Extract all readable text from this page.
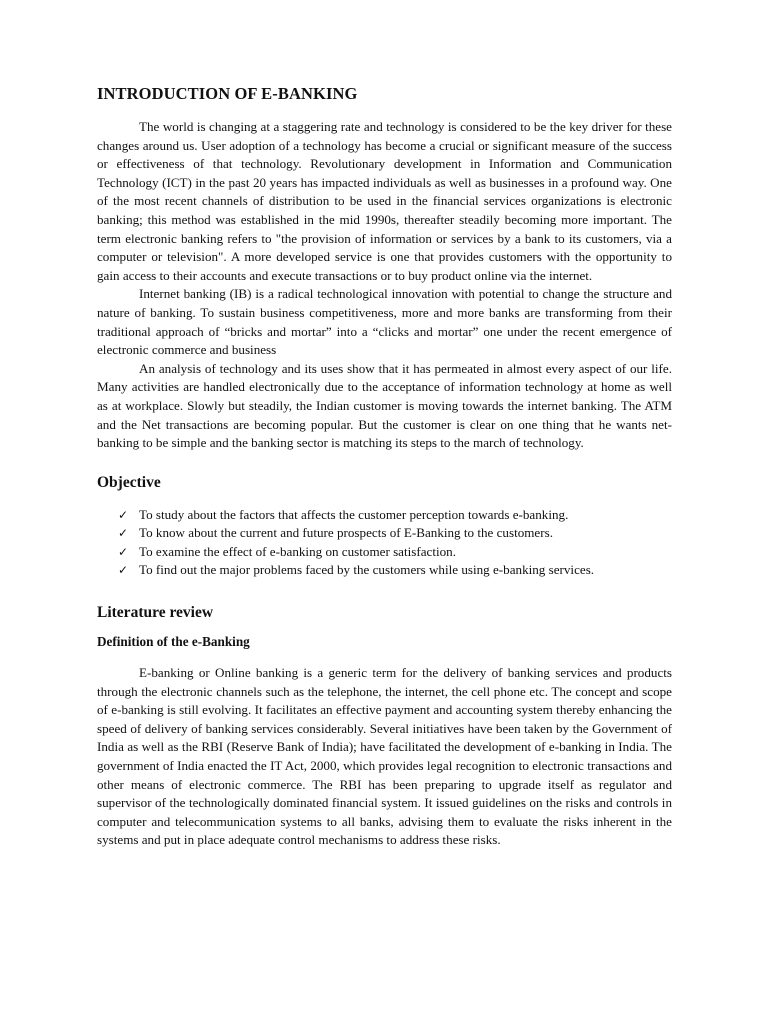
INTRODUCTION OF E-BANKING

The world is changing at a staggering rate and technology is considered to be the key driver for these changes around us. User adoption of a technology has become a crucial or significant measure of the success or effectiveness of that technology. Revolutionary development in Information and Communication Technology (ICT) in the past 20 years has impacted individuals as well as businesses in a profound way. One of the most recent channels of distribution to be used in the financial services organizations is electronic banking; this method was established in the mid 1990s, thereafter steadily becoming more important. The term electronic banking refers to "the provision of information or services by a bank to its customers, via a computer or television". A more developed service is one that provides customers with the opportunity to gain access to their accounts and execute transactions or to buy product online via the internet.

Internet banking (IB) is a radical technological innovation with potential to change the structure and nature of banking. To sustain business competitiveness, more and more banks are transforming from their traditional approach of “bricks and mortar” into a “clicks and mortar” one under the recent emergence of electronic commerce and business

An analysis of technology and its uses show that it has permeated in almost every aspect of our life. Many activities are handled electronically due to the acceptance of information technology at home as well as at workplace. Slowly but steadily, the Indian customer is moving towards the internet banking. The ATM and the Net transactions are becoming popular. But the customer is clear on one thing that he wants net-banking to be simple and the banking sector is matching its steps to the march of technology.

Objective
✓ To study about the factors that affects the customer perception towards e-banking.
✓ To know about the current and future prospects of E-Banking to the customers.
✓ To examine the effect of e-banking on customer satisfaction.
✓ To find out the major problems faced by the customers while using e-banking services.
Literature review
Definition of the e-Banking

E-banking or Online banking is a generic term for the delivery of banking services and products through the electronic channels such as the telephone, the internet, the cell phone etc. The concept and scope of e-banking is still evolving. It facilitates an effective payment and accounting system thereby enhancing the speed of delivery of banking services considerably. Several initiatives have been taken by the Government of India as well as the RBI (Reserve Bank of India); have facilitated the development of e-banking in India. The government of India enacted the IT Act, 2000, which provides legal recognition to electronic transactions and other means of electronic commerce. The RBI has been preparing to upgrade itself as regulator and supervisor of the technologically dominated financial system. It issued guidelines on the risks and controls in computer and telecommunication systems to all banks, advising them to evaluate the risks inherent in the systems and put in place adequate control mechanisms to address these risks.
